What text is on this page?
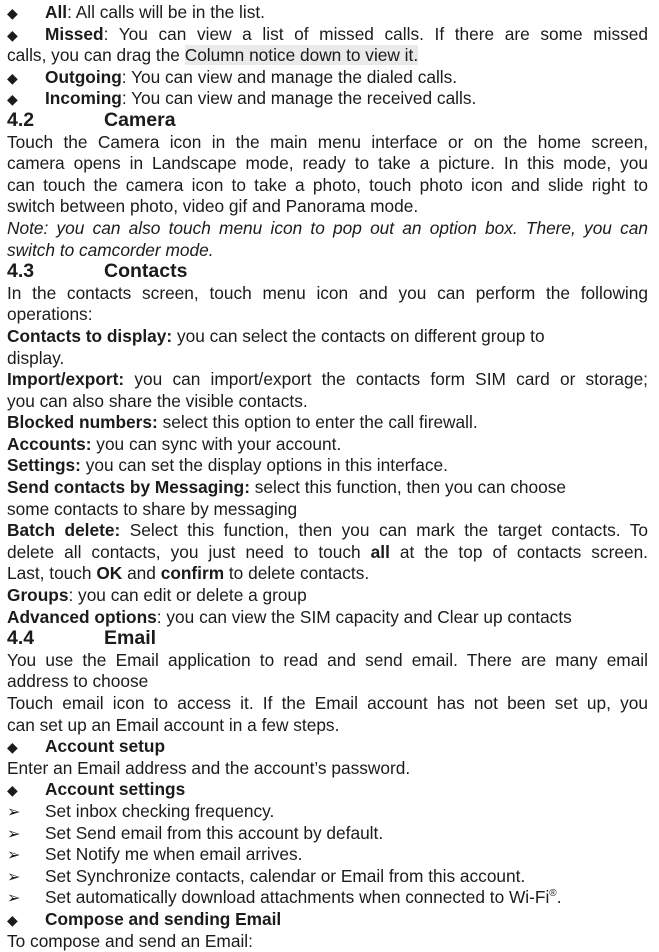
◆ All: All calls will be in the list.
◆ Missed: You can view a list of missed calls. If there are some missed
calls, you can drag the Column notice down to view it.
◆ Outgoing: You can view and manage the dialed calls.
◆ Incoming: You can view and manage the received calls.
4.2	Camera
Touch the Camera icon in the main menu interface or on the home screen,
camera opens in Landscape mode, ready to take a picture. In this mode, you
can touch the camera icon to take a photo, touch photo icon and slide right to
switch between photo, video gif and Panorama mode.
Note: you can also touch menu icon to pop out an option box. There, you can
switch to camcorder mode.
4.3	Contacts
In the contacts screen, touch menu icon and you can perform the following
operations:
Contacts to display: you can select the contacts on different group to
display.
Import/export: you can import/export the contacts form SIM card or storage;
you can also share the visible contacts.
Blocked numbers: select this option to enter the call firewall.
Accounts: you can sync with your account.
Settings: you can set the display options in this interface.
Send contacts by Messaging: select this function, then you can choose
some contacts to share by messaging
Batch delete: Select this function, then you can mark the target contacts. To
delete all contacts, you just need to touch all at the top of contacts screen.
Last, touch OK and confirm to delete contacts.
Groups: you can edit or delete a group
Advanced options: you can view the SIM capacity and Clear up contacts
4.4	Email
You use the Email application to read and send email. There are many email
address to choose
Touch email icon to access it. If the Email account has not been set up, you
can set up an Email account in a few steps.
◆ Account setup
Enter an Email address and the account’s password.
◆ Account settings
➢ Set inbox checking frequency.
➢ Set Send email from this account by default.
➢ Set Notify me when email arrives.
➢ Set Synchronize contacts, calendar or Email from this account.
➢ Set automatically download attachments when connected to Wi-Fi®.
◆ Compose and sending Email
To compose and send an Email:
